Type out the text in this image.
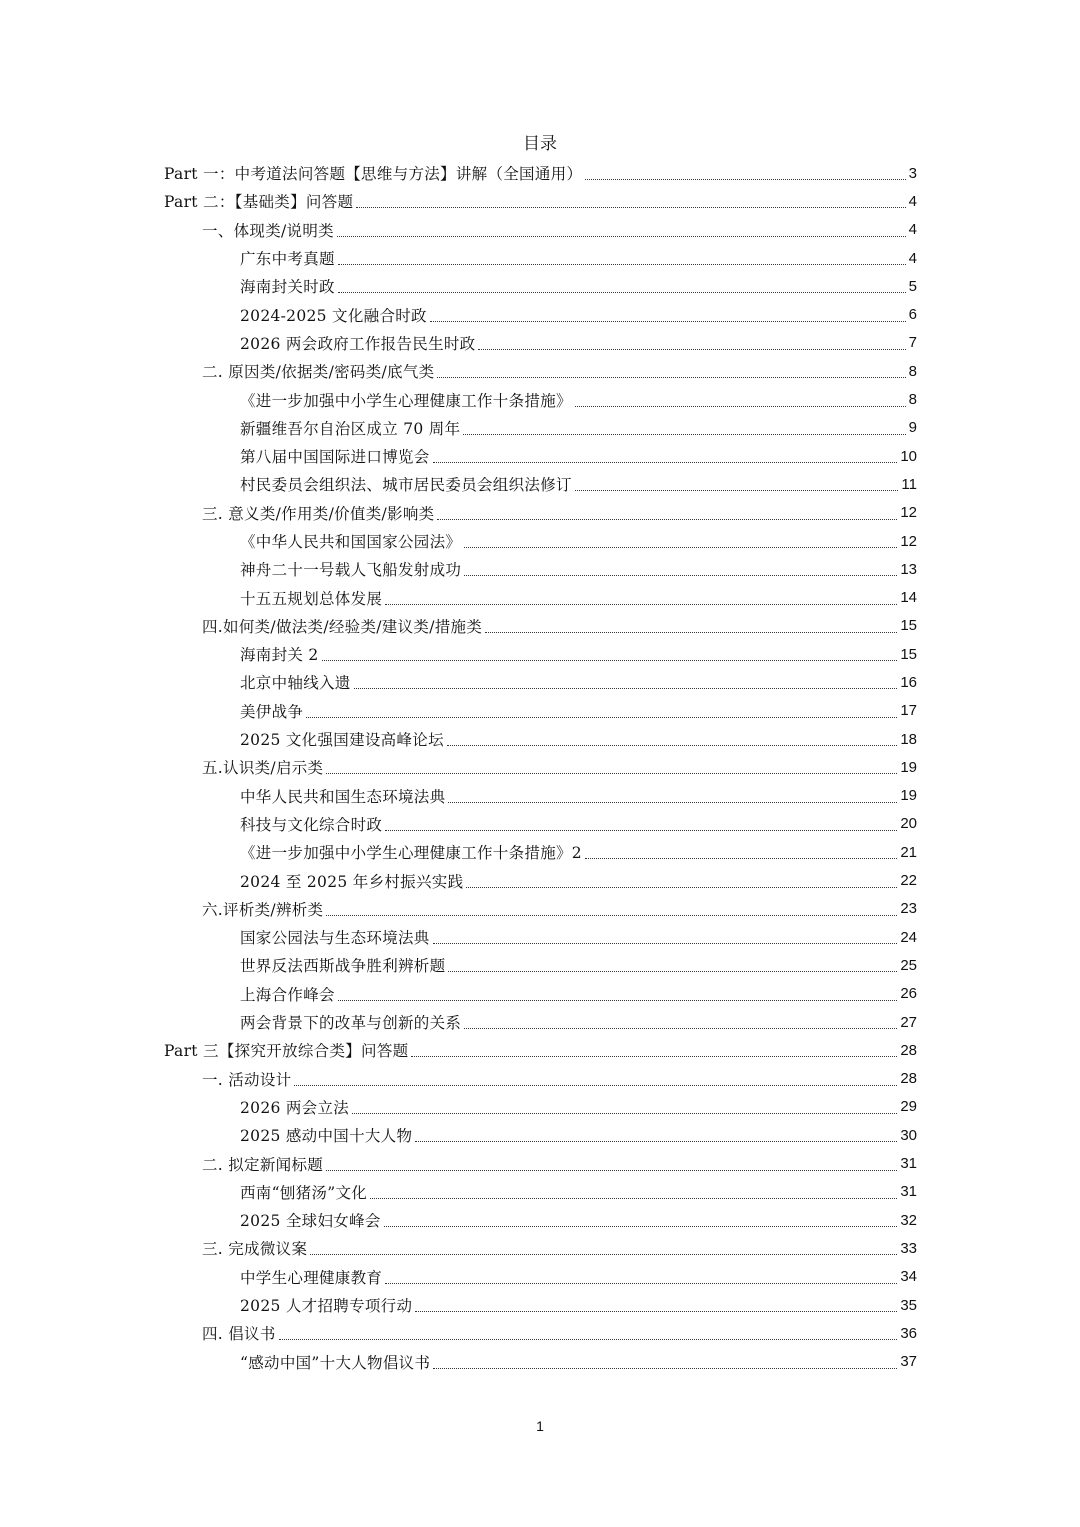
目录
Part 一：中考道法问答题【思维与方法】讲解（全国通用）	3
Part 二：【基础类】问答题	4
一、体现类/说明类	4
广东中考真题	4
海南封关时政	5
2024-2025 文化融合时政	6
2026 两会政府工作报告民生时政	7
二. 原因类/依据类/密码类/底气类	8
《进一步加强中小学生心理健康工作十条措施》	8
新疆维吾尔自治区成立 70 周年	9
第八届中国国际进口博览会	10
村民委员会组织法、城市居民委员会组织法修订	11
三. 意义类/作用类/价值类/影响类	12
《中华人民共和国国家公园法》	12
神舟二十一号载人飞船发射成功	13
十五五规划总体发展	14
四.如何类/做法类/经验类/建议类/措施类	15
海南封关 2	15
北京中轴线入遗	16
美伊战争	17
2025 文化强国建设高峰论坛	18
五.认识类/启示类	19
中华人民共和国生态环境法典	19
科技与文化综合时政	20
《进一步加强中小学生心理健康工作十条措施》2	21
2024 至 2025 年乡村振兴实践	22
六.评析类/辨析类	23
国家公园法与生态环境法典	24
世界反法西斯战争胜利辨析题	25
上海合作峰会	26
两会背景下的改革与创新的关系	27
Part 三【探究开放综合类】问答题	28
一. 活动设计	28
2026 两会立法	29
2025 感动中国十大人物	30
二. 拟定新闻标题	31
西南“刨猪汤”文化	31
2025 全球妇女峰会	32
三. 完成微议案	33
中学生心理健康教育	34
2025 人才招聘专项行动	35
四. 倡议书	36
“感动中国”十大人物倡议书	37
1
